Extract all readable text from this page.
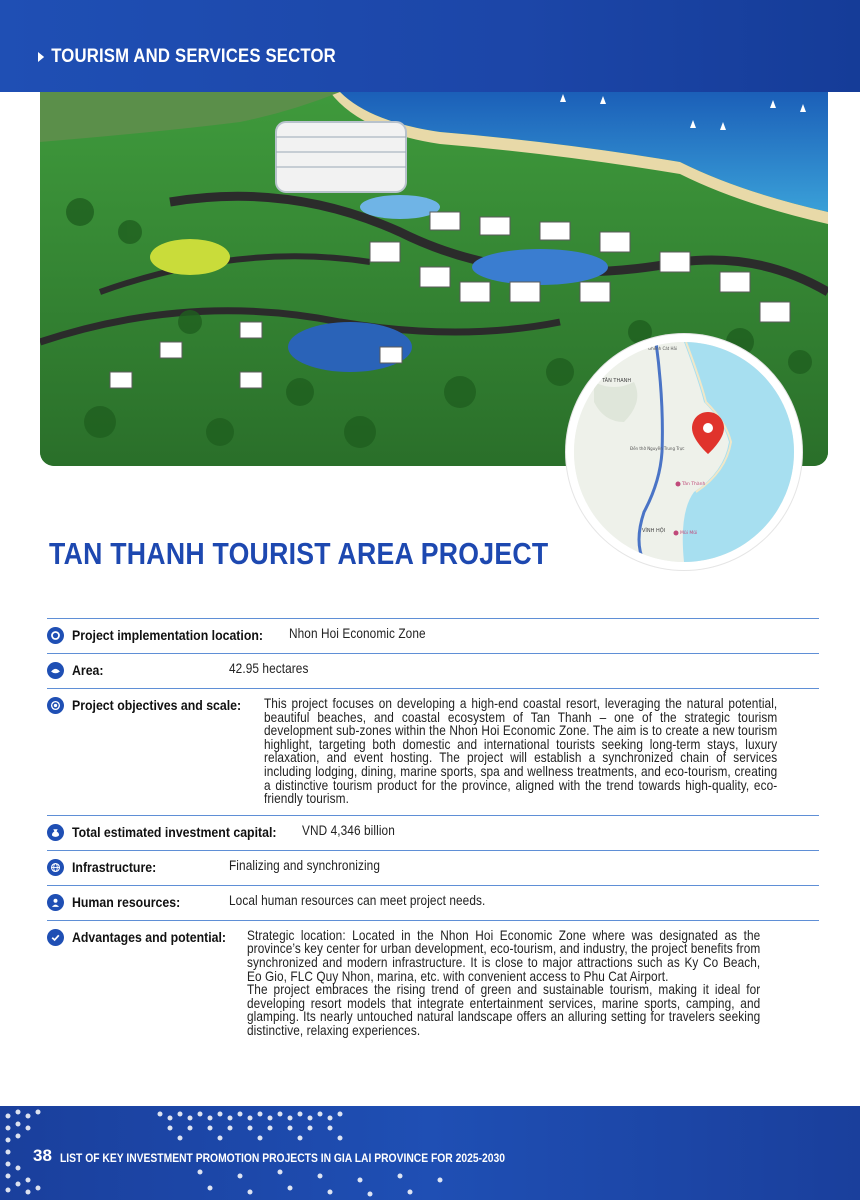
TOURISM AND SERVICES SECTOR
TÂN THANH
VĨNH HỘI
Tân Thành
Mũi Mũi
Đền thờ Nguyễn Trung Trực
Ghềnh Cát Hải
TAN THANH TOURIST AREA PROJECT
Project implementation location: Nhon Hoi Economic Zone
Area:	42.95 hectares
Project objectives and scale: This project focuses on developing a high-end coastal resort, leveraging the natural potential, beautiful beaches, and coastal ecosystem of Tan Thanh – one of the strategic tourism development sub-zones within the Nhon Hoi Economic Zone. The aim is to create a new tourism highlight, targeting both domestic and international tourists seeking long-term stays, luxury relaxation, and event hosting. The project will establish a synchronized chain of services including lodging, dining, marine sports, spa and wellness treatments, and eco-tourism, creating a distinctive tourism product for the province, aligned with the trend towards high-quality, eco-friendly tourism.
Total estimated investment capital: VND 4,346 billion
Infrastructure:	Finalizing and synchronizing
Human resources:	Local human resources can meet project needs.
Advantages and potential: Strategic location: Located in the Nhon Hoi Economic Zone where was designated as the province’s key center for urban development, eco-tourism, and industry, the project benefits from synchronized and modern infrastructure. It is close to major attractions such as Ky Co Beach, Eo Gio, FLC Quy Nhon, marina, etc. with convenient access to Phu Cat Airport.

The project embraces the rising trend of green and sustainable tourism, making it ideal for developing resort models that integrate entertainment services, marine sports, camping, and glamping. Its nearly untouched natural landscape offers an alluring setting for travelers seeking distinctive, relaxing experiences.

38 LIST OF KEY INVESTMENT PROMOTION PROJECTS IN GIA LAI PROVINCE FOR 2025-2030
